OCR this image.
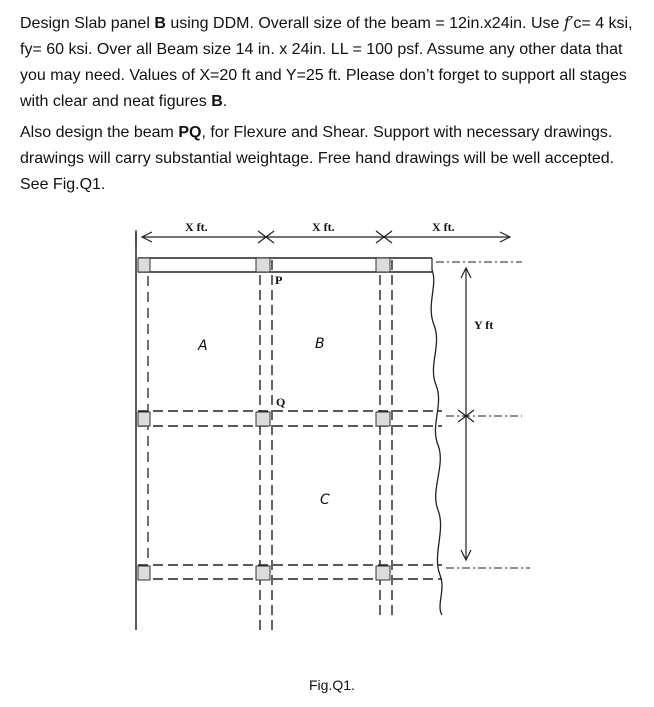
Design Slab panel B using DDM. Overall size of the beam = 12in.x24in. Use f′c= 4 ksi, fy= 60 ksi. Over all Beam size 14 in. x 24in. LL = 100 psf. Assume any other data that you may need. Values of X=20 ft and Y=25 ft. Please don’t forget to support all stages with clear and neat figures B.
Also design the beam PQ, for Flexure and Shear. Support with necessary drawings. drawings will carry substantial weightage. Free hand drawings will be well accepted. See Fig.Q1.
X ft.	X ft.	X ft.
Y ft
A	B
C
P
Q
Fig.Q1.
